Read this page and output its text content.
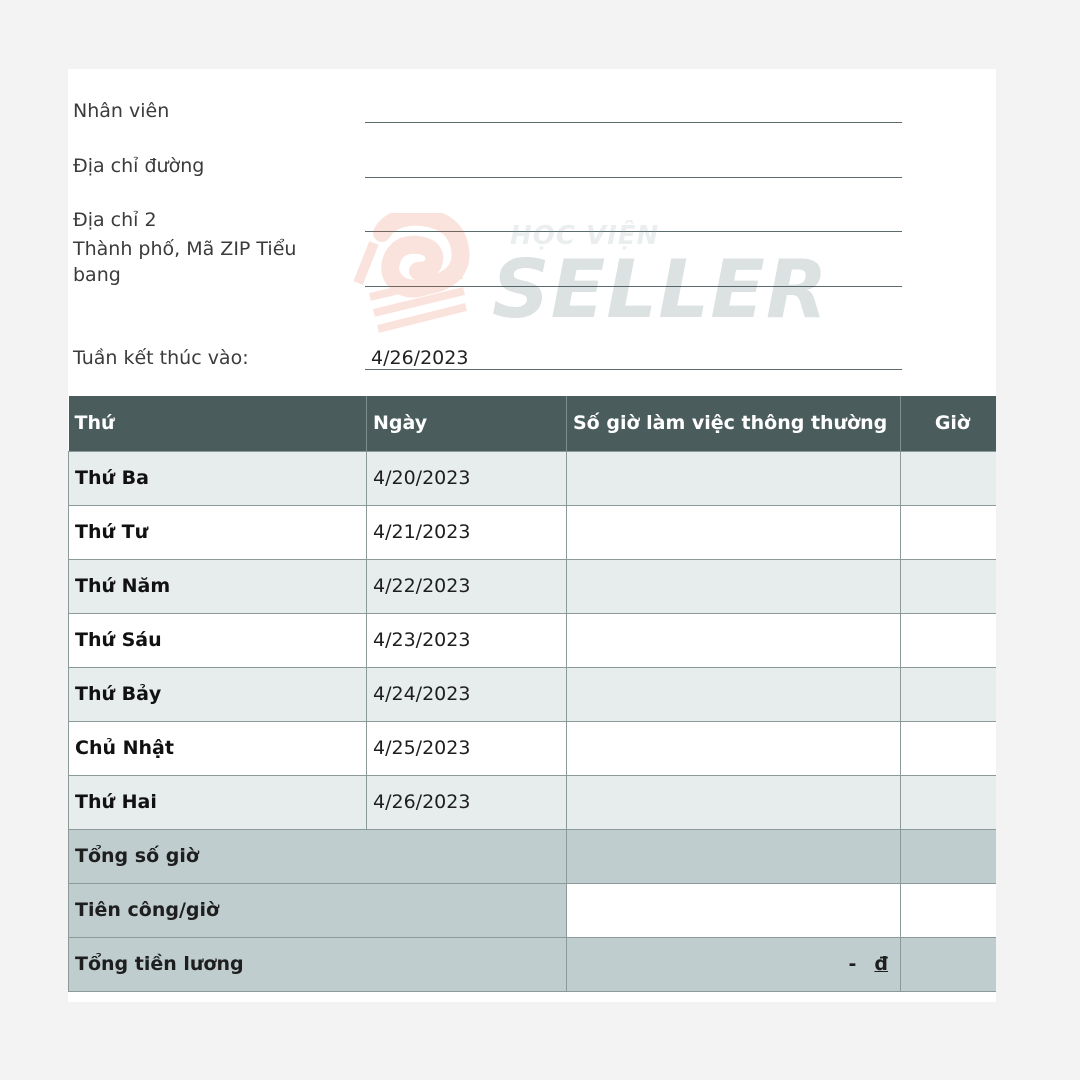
Nhân viên
Địa chỉ đường
Địa chỉ 2
Thành phố, Mã ZIP Tiểu
bang
HỌC VIỆN
SELLER
Tuần kết thúc vào:	4/26/2023
Thứ	Ngày	Số giờ làm việc thông thường	Giờ
Thứ Ba	4/20/2023		
Thứ Tư	4/21/2023		
Thứ Năm	4/22/2023		
Thứ Sáu	4/23/2023		
Thứ Bảy	4/24/2023		
Chủ Nhật	4/25/2023		
Thứ Hai	4/26/2023		
Tổng số giờ			
Tiên công/giờ			
Tổng tiền lương		- đ	
